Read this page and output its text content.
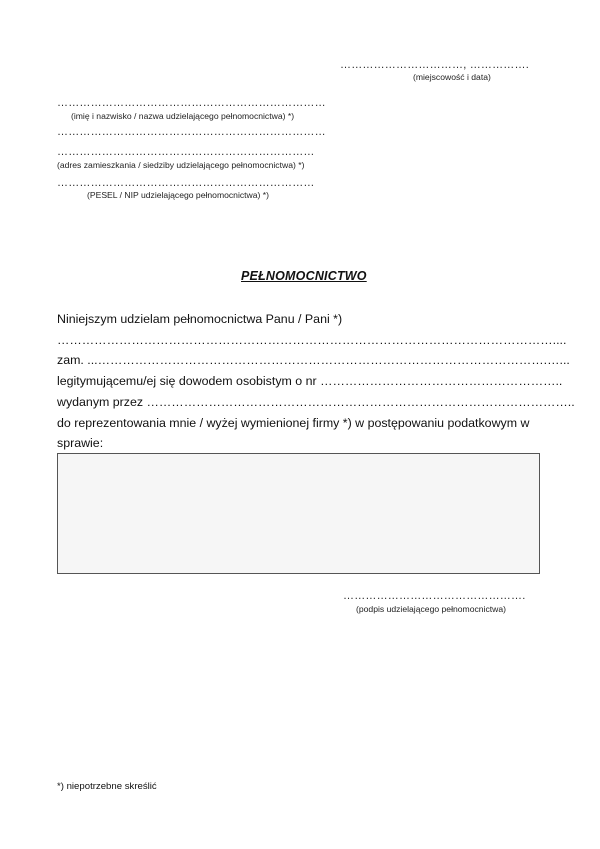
……………………………, …………….
(miejscowość i data)
………………………………………………………………
(imię i nazwisko / nazwa udzielającego pełnomocnictwa) *)
………………………………………………………………
……………………………………………………………
(adres zamieszkania / siedziby udzielającego pełnomocnictwa) *)
……………………………………………………………
(PESEL / NIP udzielającego pełnomocnictwa) *)
PEŁNOMOCNICTWO
Niniejszym udzielam pełnomocnictwa Panu / Pani *)
…………………………………………………………………………………………………………....
zam. ...……………………………………………………………………………………………….…...
legitymującemu/ej się dowodem osobistym o nr …………………………………………………..
wydanym przez …………………………………………………………………………………………..
do reprezentowania mnie / wyżej wymienionej firmy *) w postępowaniu podatkowym w
sprawie:
………………………………………….
(podpis udzielającego pełnomocnictwa)
*) niepotrzebne skreślić
